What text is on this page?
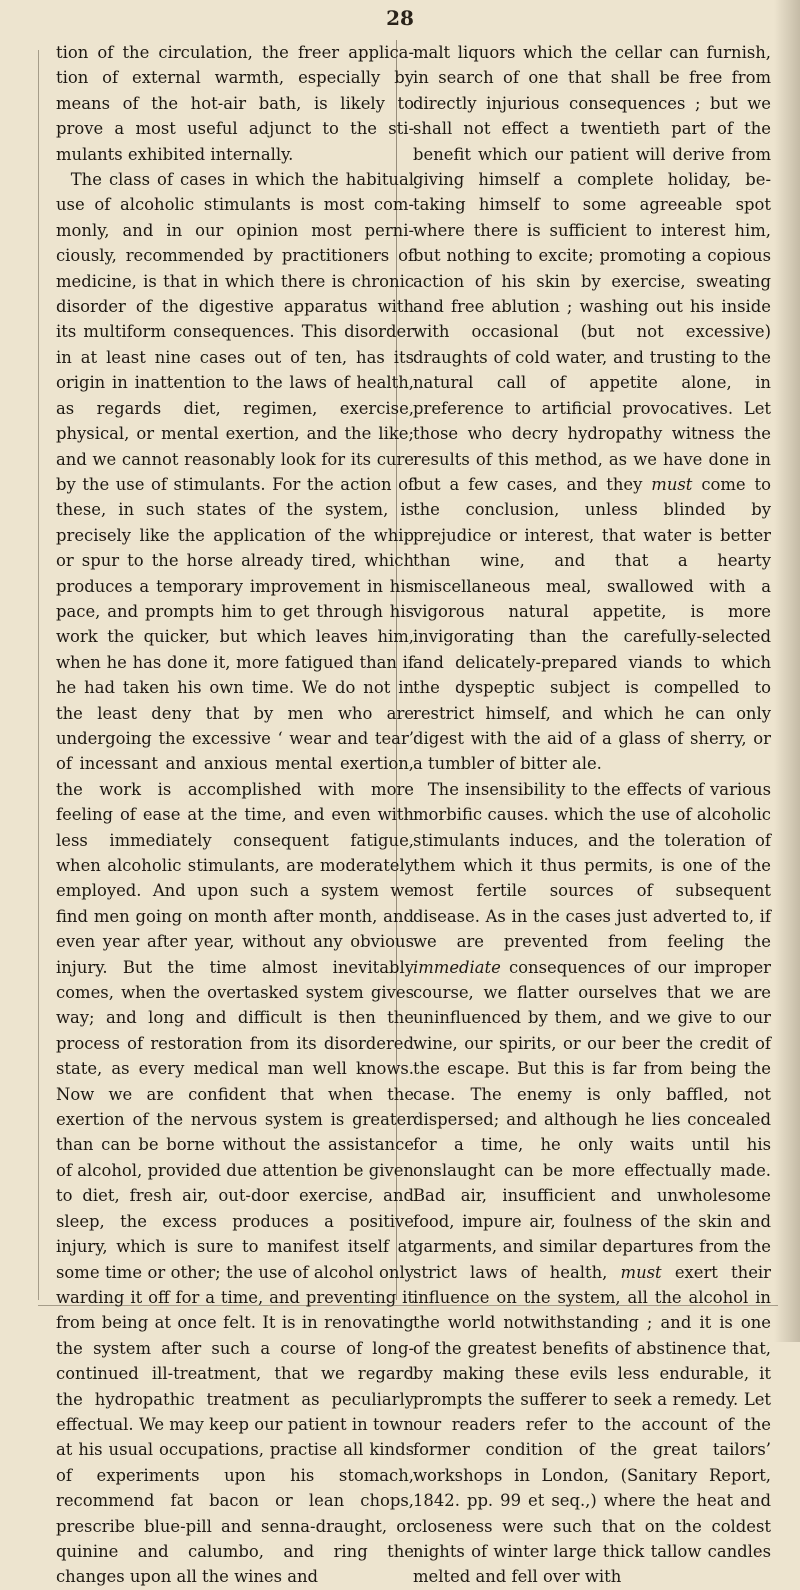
28

tion of the circulation, the freer application of external warmth, especially by means of the hot-air bath, is likely to prove a most useful adjunct to the stimulants exhibited internally.

The class of cases in which the habitual use of alcoholic stimulants is most commonly, and in our opinion most perniciously, recommended by practitioners of medicine, is that in which there is chronic disorder of the digestive apparatus with its multiform consequences. This disorder in at least nine cases out of ten, has its origin in inattention to the laws of health, as regards diet, regimen, exercise, physical, or mental exertion, and the like; and we cannot reasonably look for its cure by the use of stimulants. For the action of these, in such states of the system, is precisely like the application of the whip or spur to the horse already tired, which produces a temporary improvement in his pace, and prompts him to get through his work the quicker, but which leaves him, when he has done it, more fatigued than if he had taken his own time. We do not in the least deny that by men who are undergoing the excessive ‘ wear and tear’ of incessant and anxious mental exertion, the work is accomplished with more feeling of ease at the time, and even with less immediately consequent fatigue, when alcoholic stimulants, are moderately employed. And upon such a system we find men going on month after month, and even year after year, without any obvious injury. But the time almost inevitably comes, when the overtasked system gives way; and long and difficult is then the process of restoration from its disordered state, as every medical man well knows. Now we are confident that when the exertion of the nervous system is greater than can be borne without the assistance of alcohol, provided due attention be given to diet, fresh air, out-door exercise, and sleep, the excess produces a positive injury, which is sure to manifest itself at some time or other; the use of alcohol only warding it off for a time, and preventing it from being at once felt. It is in renovating the system after such a course of long-continued ill-treatment, that we regard the hydropathic treatment as peculiarly effectual. We may keep our patient in town at his usual occupations, practise all kinds of experiments upon his stomach, recommend fat bacon or lean chops, prescribe blue-pill and senna-draught, or quinine and calumbo, and ring the changes upon all the wines and

malt liquors which the cellar can furnish, in search of one that shall be free from directly injurious consequences ; but we shall not effect a twentieth part of the benefit which our patient will derive from giving himself a complete holiday, betaking himself to some agreeable spot where there is sufficient to interest him, but nothing to excite; promoting a copious action of his skin by exercise, sweating and free ablution ; washing out his inside with occasional (but not excessive) draughts of cold water, and trusting to the natural call of appetite alone, in preference to artificial provocatives. Let those who decry hydropathy witness the results of this method, as we have done in but a few cases, and they must come to the conclusion, unless blinded by prejudice or interest, that water is better than wine, and that a hearty miscellaneous meal, swallowed with a vigorous natural appetite, is more invigorating than the carefully-selected and delicately-prepared viands to which the dyspeptic subject is compelled to restrict himself, and which he can only digest with the aid of a glass of sherry, or a tumbler of bitter ale.

The insensibility to the effects of various morbific causes. which the use of alcoholic stimulants induces, and the toleration of them which it thus permits, is one of the most fertile sources of subsequent disease. As in the cases just adverted to, if we are prevented from feeling the immediate consequences of our improper course, we flatter ourselves that we are uninfluenced by them, and we give to our wine, our spirits, or our beer the credit of the escape. But this is far from being the case. The enemy is only baffled, not dispersed; and although he lies concealed for a time, he only waits until his onslaught can be more effectually made. Bad air, insufficient and unwholesome food, impure air, foulness of the skin and garments, and similar departures from the strict laws of health, must exert their influence on the system, all the alcohol in the world notwithstanding ; and it is one of the greatest benefits of abstinence that, by making these evils less endurable, it prompts the sufferer to seek a remedy. Let our readers refer to the account of the former condition of the great tailors’ workshops in London, (Sanitary Report, 1842. pp. 99 et seq.,) where the heat and closeness were such that on the coldest nights of winter large thick tallow candles melted and fell over with
